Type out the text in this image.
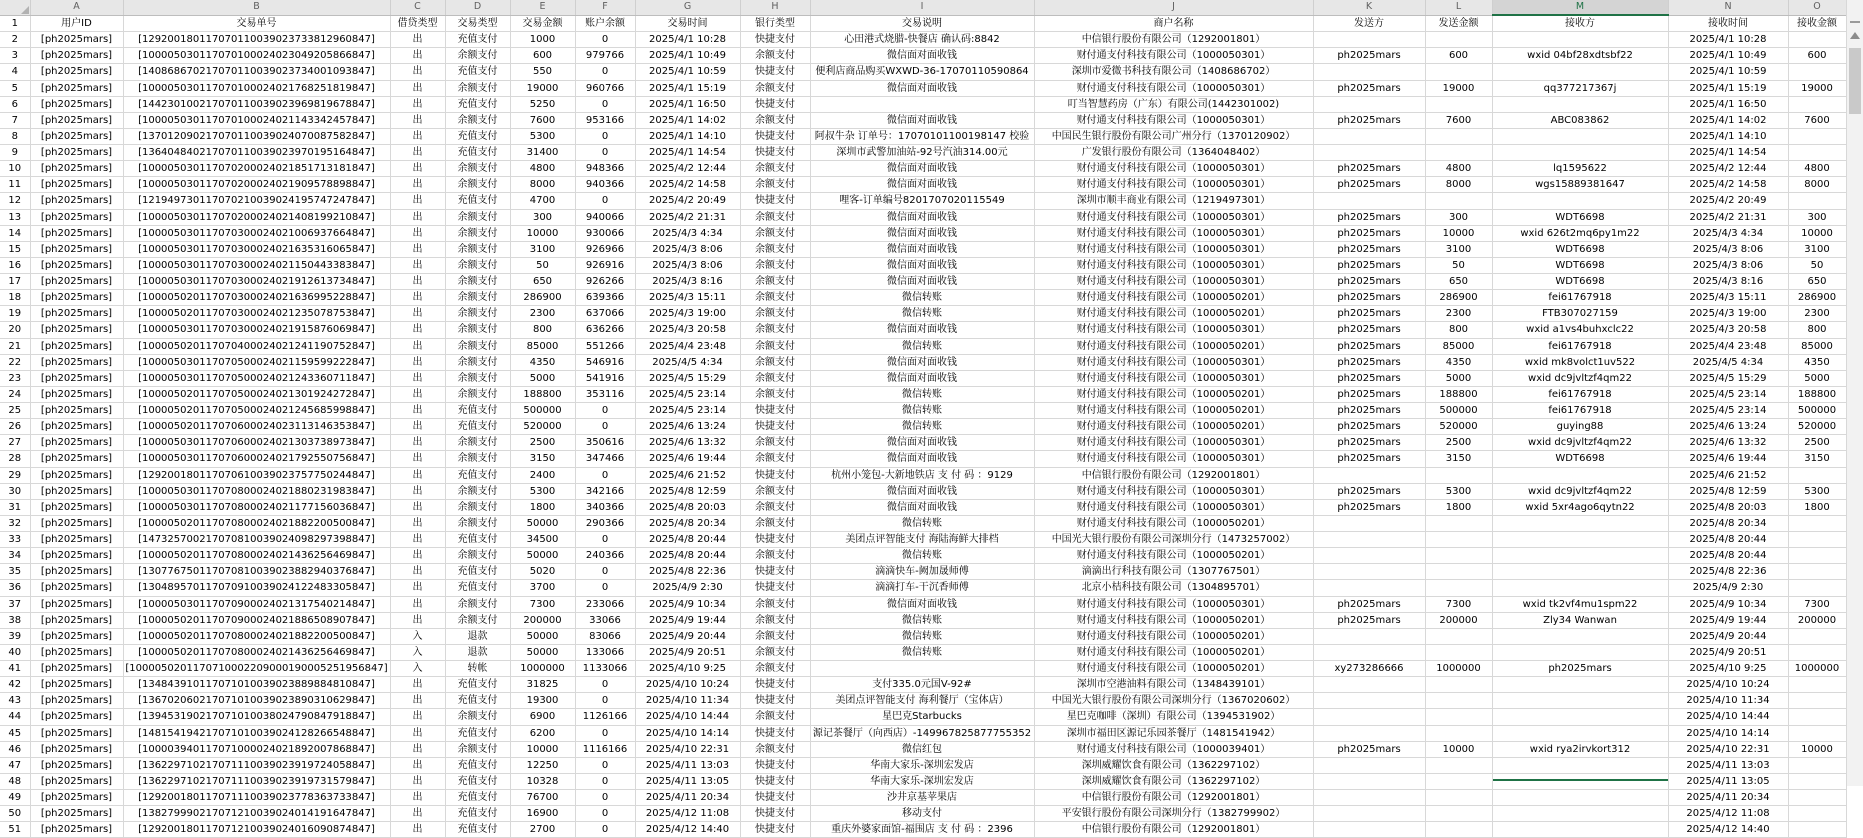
	A	B	C	D	E	F	G	H	I	J	K	L	M	N	O
1	用户ID	交易单号	借贷类型	交易类型	交易金额	账户余额	交易时间	银行类型	交易说明	商户名称	发送方	发送金额	接收方	接收时间	接收金额
2	[ph2025mars]	[129200180117070110039023733812960847]	出	充值支付	1000	0	2025/4/1 10:28	快捷支付	心田港式烧腊-快餐店 确认码:8842	中信银行股份有限公司（1292001801）				2025/4/1 10:28	
3	[ph2025mars]	[100005030117070100024023049205866847]	出	余额支付	600	979766	2025/4/1 10:49	余额支付	微信面对面收钱	财付通支付科技有限公司（1000050301）	ph2025mars	600	wxid 04bf28xdtsbf22	2025/4/1 10:49	600
4	[ph2025mars]	[140868670217070110039023734001093847]	出	充值支付	550	0	2025/4/1 10:59	快捷支付	便利店商品购买WXWD-36-17070110590864	深圳市爱微书科技有限公司（1408686702）				2025/4/1 10:59	
5	[ph2025mars]	[100005030117070100024021768251819847]	出	余额支付	19000	960766	2025/4/1 15:19	余额支付	微信面对面收钱	财付通支付科技有限公司（1000050301）	ph2025mars	19000	qq377217367j	2025/4/1 15:19	19000
6	[ph2025mars]	[144230100217070110039023969819678847]	出	充值支付	5250	0	2025/4/1 16:50	快捷支付		叮当智慧药房（广东）有限公司(1442301002)				2025/4/1 16:50	
7	[ph2025mars]	[100005030117070100024021143342457847]	出	余额支付	7600	953166	2025/4/1 14:02	余额支付	微信面对面收钱	财付通支付科技有限公司（1000050301）	ph2025mars	7600	ABC083862	2025/4/1 14:02	7600
8	[ph2025mars]	[137012090217070110039024070087582847]	出	充值支付	5300	0	2025/4/1 14:10	快捷支付	阿叔牛杂 订单号：17070101100198147 校验	中国民生银行股份有限公司广州分行（1370120902）				2025/4/1 14:10	
9	[ph2025mars]	[136404840217070110039023970195164847]	出	充值支付	31400	0	2025/4/1 14:54	快捷支付	深圳市武警加油站-92号汽油314.00元	广发银行股份有限公司（1364048402）				2025/4/1 14:54	
10	[ph2025mars]	[100005030117070200024021851713181847]	出	余额支付	4800	948366	2025/4/2 12:44	余额支付	微信面对面收钱	财付通支付科技有限公司（1000050301）	ph2025mars	4800	lq1595622	2025/4/2 12:44	4800
11	[ph2025mars]	[100005030117070200024021909578898847]	出	余额支付	8000	940366	2025/4/2 14:58	余额支付	微信面对面收钱	财付通支付科技有限公司（1000050301）	ph2025mars	8000	wgs15889381647	2025/4/2 14:58	8000
12	[ph2025mars]	[121949730117070210039024195747247847]	出	充值支付	4700	0	2025/4/2 20:49	快捷支付	哩客-订单编号8201707020115549	深圳市顺丰商业有限公司（1219497301）				2025/4/2 20:49	
13	[ph2025mars]	[100005030117070200024021408199210847]	出	余额支付	300	940066	2025/4/2 21:31	余额支付	微信面对面收钱	财付通支付科技有限公司（1000050301）	ph2025mars	300	WDT6698	2025/4/2 21:31	300
14	[ph2025mars]	[100005030117070300024021006937664847]	出	余额支付	10000	930066	2025/4/3 4:34	余额支付	微信面对面收钱	财付通支付科技有限公司（1000050301）	ph2025mars	10000	wxid 626t2mq6py1m22	2025/4/3 4:34	10000
15	[ph2025mars]	[100005030117070300024021635316065847]	出	余额支付	3100	926966	2025/4/3 8:06	余额支付	微信面对面收钱	财付通支付科技有限公司（1000050301）	ph2025mars	3100	WDT6698	2025/4/3 8:06	3100
16	[ph2025mars]	[100005030117070300024021150443383847]	出	余额支付	50	926916	2025/4/3 8:06	余额支付	微信面对面收钱	财付通支付科技有限公司（1000050301）	ph2025mars	50	WDT6698	2025/4/3 8:06	50
17	[ph2025mars]	[100005030117070300024021912613734847]	出	余额支付	650	926266	2025/4/3 8:16	余额支付	微信面对面收钱	财付通支付科技有限公司（1000050301）	ph2025mars	650	WDT6698	2025/4/3 8:16	650
18	[ph2025mars]	[100005020117070300024021636995228847]	出	余额支付	286900	639366	2025/4/3 15:11	余额支付	微信转账	财付通支付科技有限公司（1000050201）	ph2025mars	286900	fei61767918	2025/4/3 15:11	286900
19	[ph2025mars]	[100005020117070300024021235078753847]	出	余额支付	2300	637066	2025/4/3 19:00	余额支付	微信转账	财付通支付科技有限公司（1000050201）	ph2025mars	2300	FTB307027159	2025/4/3 19:00	2300
20	[ph2025mars]	[100005030117070300024021915876069847]	出	余额支付	800	636266	2025/4/3 20:58	余额支付	微信面对面收钱	财付通支付科技有限公司（1000050301）	ph2025mars	800	wxid a1vs4buhxclc22	2025/4/3 20:58	800
21	[ph2025mars]	[100005020117070400024021241190752847]	出	余额支付	85000	551266	2025/4/4 23:48	余额支付	微信转账	财付通支付科技有限公司（1000050201）	ph2025mars	85000	fei61767918	2025/4/4 23:48	85000
22	[ph2025mars]	[100005030117070500024021159599222847]	出	余额支付	4350	546916	2025/4/5 4:34	余额支付	微信面对面收钱	财付通支付科技有限公司（1000050301）	ph2025mars	4350	wxid mk8volct1uv522	2025/4/5 4:34	4350
23	[ph2025mars]	[100005030117070500024021243360711847]	出	余额支付	5000	541916	2025/4/5 15:29	余额支付	微信面对面收钱	财付通支付科技有限公司（1000050301）	ph2025mars	5000	wxid dc9jvltzf4qm22	2025/4/5 15:29	5000
24	[ph2025mars]	[100005020117070500024021301924272847]	出	余额支付	188800	353116	2025/4/5 23:14	余额支付	微信转账	财付通支付科技有限公司（1000050201）	ph2025mars	188800	fei61767918	2025/4/5 23:14	188800
25	[ph2025mars]	[100005020117070500024021245685998847]	出	充值支付	500000	0	2025/4/5 23:14	快捷支付	微信转账	财付通支付科技有限公司（1000050201）	ph2025mars	500000	fei61767918	2025/4/5 23:14	500000
26	[ph2025mars]	[100005020117070600024023113146353847]	出	充值支付	520000	0	2025/4/6 13:24	快捷支付	微信转账	财付通支付科技有限公司（1000050201）	ph2025mars	520000	guying88	2025/4/6 13:24	520000
27	[ph2025mars]	[100005030117070600024021303738973847]	出	余额支付	2500	350616	2025/4/6 13:32	余额支付	微信面对面收钱	财付通支付科技有限公司（1000050301）	ph2025mars	2500	wxid dc9jvltzf4qm22	2025/4/6 13:32	2500
28	[ph2025mars]	[100005030117070600024021792550756847]	出	余额支付	3150	347466	2025/4/6 19:44	余额支付	微信面对面收钱	财付通支付科技有限公司（1000050301）	ph2025mars	3150	WDT6698	2025/4/6 19:44	3150
29	[ph2025mars]	[129200180117070610039023757750244847]	出	充值支付	2400	0	2025/4/6 21:52	快捷支付	杭州小笼包-大新地铁店 支 付 码 ：9129	中信银行股份有限公司（1292001801）				2025/4/6 21:52	
30	[ph2025mars]	[100005030117070800024021880231983847]	出	余额支付	5300	342166	2025/4/8 12:59	余额支付	微信面对面收钱	财付通支付科技有限公司（1000050301）	ph2025mars	5300	wxid dc9jvltzf4qm22	2025/4/8 12:59	5300
31	[ph2025mars]	[100005030117070800024021177156036847]	出	余额支付	1800	340366	2025/4/8 20:03	余额支付	微信面对面收钱	财付通支付科技有限公司（1000050301）	ph2025mars	1800	wxid 5xr4ago6qytn22	2025/4/8 20:03	1800
32	[ph2025mars]	[100005020117070800024021882200500847]	出	余额支付	50000	290366	2025/4/8 20:34	余额支付	微信转账	财付通支付科技有限公司（1000050201）				2025/4/8 20:34	
33	[ph2025mars]	[147325700217070810039024098297398847]	出	充值支付	34500	0	2025/4/8 20:44	快捷支付	美团点评智能支付 海陆海鲜大排档	中国光大银行股份有限公司深圳分行（1473257002）				2025/4/8 20:44	
34	[ph2025mars]	[100005020117070800024021436256469847]	出	余额支付	50000	240366	2025/4/8 20:44	余额支付	微信转账	财付通支付科技有限公司（1000050201）				2025/4/8 20:44	
35	[ph2025mars]	[130776750117070810039023882940376847]	出	充值支付	5020	0	2025/4/8 22:36	快捷支付	滴滴快车-阙加晟师傅	滴滴出行科技有限公司（1307767501）				2025/4/8 22:36	
36	[ph2025mars]	[130489570117070910039024122483305847]	出	充值支付	3700	0	2025/4/9 2:30	快捷支付	滴滴打车-干沉香师傅	北京小桔科技有限公司（1304895701）				2025/4/9 2:30	
37	[ph2025mars]	[100005030117070900024021317540214847]	出	余额支付	7300	233066	2025/4/9 10:34	余额支付	微信面对面收钱	财付通支付科技有限公司（1000050301）	ph2025mars	7300	wxid tk2vf4mu1spm22	2025/4/9 10:34	7300
38	[ph2025mars]	[100005020117070900024021886508907847]	出	余额支付	200000	33066	2025/4/9 19:44	余额支付	微信转账	财付通支付科技有限公司（1000050201）	ph2025mars	200000	Zly34 Wanwan	2025/4/9 19:44	200000
39	[ph2025mars]	[100005020117070800024021882200500847]	入	退款	50000	83066	2025/4/9 20:44	余额支付	微信转账	财付通支付科技有限公司（1000050201）				2025/4/9 20:44	
40	[ph2025mars]	[100005020117070800024021436256469847]	入	退款	50000	133066	2025/4/9 20:51	余额支付	微信转账	财付通支付科技有限公司（1000050201）				2025/4/9 20:51	
41	[ph2025mars]	[1000050201170710002209000190005251956847]	入	转帐	1000000	1133066	2025/4/10 9:25	余额支付		财付通支付科技有限公司（1000050201）	xy273286666	1000000	ph2025mars	2025/4/10 9:25	1000000
42	[ph2025mars]	[134843910117071010039023889884810847]	出	充值支付	31825	0	2025/4/10 10:24	快捷支付	支付335.0元国V-92#	深圳市空港油料有限公司（1348439101）				2025/4/10 10:24	
43	[ph2025mars]	[136702060217071010039023890310629847]	出	充值支付	19300	0	2025/4/10 11:34	快捷支付	美团点评智能支付 海利餐厅（宝体店）	中国光大银行股份有限公司深圳分行（1367020602）				2025/4/10 11:34	
44	[ph2025mars]	[139453190217071010038024790847918847]	出	余额支付	6900	1126166	2025/4/10 14:44	余额支付	星巴克Starbucks	星巴克咖啡（深圳）有限公司（1394531902）				2025/4/10 14:44	
45	[ph2025mars]	[148154194217071010039024128266548847]	出	充值支付	6200	0	2025/4/10 14:14	快捷支付	源记茶餐厅（向西店）-149967825877755352	深圳市福田区源记乐园茶餐厅（1481541942）				2025/4/10 14:14	
46	[ph2025mars]	[100003940117071000024021892007868847]	出	余额支付	10000	1116166	2025/4/10 22:31	余额支付	微信红包	财付通支付科技有限公司（1000039401）	ph2025mars	10000	wxid rya2irvkort312	2025/4/10 22:31	10000
47	[ph2025mars]	[136229710217071110039023919724058847]	出	充值支付	12250	0	2025/4/11 13:03	快捷支付	华南大家乐-深圳宏发店	深圳威耀饮食有限公司（1362297102）				2025/4/11 13:03	
48	[ph2025mars]	[136229710217071110039023919731579847]	出	充值支付	10328	0	2025/4/11 13:05	快捷支付	华南大家乐-深圳宏发店	深圳威耀饮食有限公司（1362297102）				2025/4/11 13:05	
49	[ph2025mars]	[129200180117071110039023778363733847]	出	充值支付	76700	0	2025/4/11 20:34	快捷支付	沙井京基苹果店	中信银行股份有限公司（1292001801）				2025/4/11 20:34	
50	[ph2025mars]	[138279990217071210039024014191647847]	出	充值支付	16900	0	2025/4/12 11:08	快捷支付	移动支付	平安银行股份有限公司深圳分行（1382799902）				2025/4/12 11:08	
51	[ph2025mars]	[129200180117071210039024016090874847]	出	充值支付	2700	0	2025/4/12 14:40	快捷支付	重庆外婆家面馆-福围店 支 付 码 ：2396	中信银行股份有限公司（1292001801）				2025/4/12 14:40	
